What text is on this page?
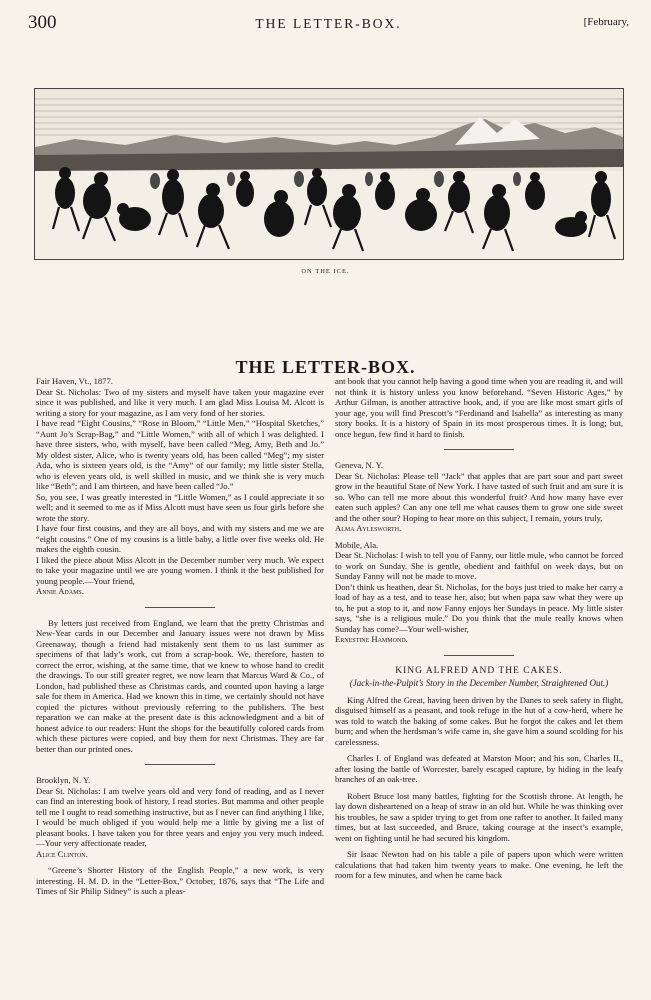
300	THE LETTER-BOX.	[February,
ON THE ICE.
THE LETTER-BOX.

Fair Haven, Vt., 1877.

Dear St. Nicholas: Two of my sisters and myself have taken your magazine ever since it was published, and like it very much. I am glad Miss Louisa M. Alcott is writing a story for your magazine, as I am very fond of her stories.

I have read “Eight Cousins,” “Rose in Bloom,” “Little Men,” “Hospital Sketches,” “Aunt Jo’s Scrap-Bag,” and “Little Women,” with all of which I was delighted. I have three sisters, who, with myself, have been called “Meg, Amy, Beth and Jo.” My oldest sister, Alice, who is twenty years old, has been called “Meg”; my sister Ada, who is sixteen years old, is the “Amy” of our family; my little sister Stella, who is eleven years old, is well skilled in music, and we think she is very much like “Beth”; and I am thirteen, and have been called “Jo.”

So, you see, I was greatly interested in “Little Women,” as I could appreciate it so well; and it seemed to me as if Miss Alcott must have seen us four girls before she wrote the story.

I have four first cousins, and they are all boys, and with my sisters and me we are “eight cousins.” One of my cousins is a little baby, a little over five weeks old. He makes the eighth cousin.

I liked the piece about Miss Alcott in the December number very much. We expect to take your magazine until we are young women. I think it the best published for young people.—Your friend,

Annie Adams.

By letters just received from England, we learn that the pretty Christmas and New-Year cards in our December and January issues were not drawn by Miss Greenaway, though a friend had mistakenly sent them to us last summer as specimens of that lady’s work, cut from a scrap-book. We, therefore, hasten to correct the error, wishing, at the same time, that we knew to whose hand to credit the drawings. To our still greater regret, we now learn that Marcus Ward & Co., of London, had published these as Christmas cards, and counted upon having a large sale for them in America. Had we known this in time, we certainly should not have copied the pictures without previously referring to the publishers. The best reparation we can make at the present date is this acknowledgment and a bit of honest advice to our readers: Hunt the shops for the beautifully colored cards from which these pictures were copied, and buy them for next Christmas. They are far better than our printed ones.

Brooklyn, N. Y.

Dear St. Nicholas: I am twelve years old and very fond of reading, and as I never can find an interesting book of history, I read stories. But mamma and other people tell me I ought to read something instructive, but as I never can find anything I like, I would be much obliged if you would help me a little by giving me a list of pleasant books. I have taken you for three years and enjoy you very much indeed.—Your very affectionate reader,

Alice Clinton.

“Greene’s Shorter History of the English People,” a new work, is very interesting. H. M. D. in the “Letter-Box,” October, 1876, says that “The Life and Times of Sir Philip Sidney” is such a pleas-

ant book that you cannot help having a good time when you are reading it, and will not think it is history unless you know beforehand. “Seven Historic Ages,” by Arthur Gilman, is another attractive book, and, if you are like most smart girls of your age, you will find Prescott’s “Ferdinand and Isabella” as interesting as many story books. It is a history of Spain in its most prosperous times. It is long; but, once begun, few find it hard to finish.

Geneva, N. Y.

Dear St. Nicholas: Please tell “Jack” that apples that are part sour and part sweet grow in the beautiful State of New York. I have tasted of such fruit and am sure it is so. Who can tell me more about this wonderful fruit? And how many have ever eaten such apples? Can any one tell me what causes them to grow one side sweet and the other sour? Hoping to hear more on this subject, I remain, yours truly,

Alma Aylesworth.

Mobile, Ala.

Dear St. Nicholas: I wish to tell you of Fanny, our little mule, who cannot be forced to work on Sunday. She is gentle, obedient and faithful on week days, but on Sunday Fanny will not be made to move.

Don’t think us heathen, dear St. Nicholas, for the boys just tried to make her carry a load of hay as a test, and to tease her, also; but when papa saw what they were up to, he put a stop to it, and now Fanny enjoys her Sundays in peace. My little sister says, “she is a religious mule.” Do you think that the mule really knows when Sunday has come?—Your well-wisher,

Ernestine Hammond.

KING ALFRED AND THE CAKES.

(Jack-in-the-Pulpit’s Story in the December Number, Straightened Out.)

King Alfred the Great, having been driven by the Danes to seek safety in flight, disguised himself as a peasant, and took refuge in the hut of a cow-herd, where he was told to watch the baking of some cakes. But he forgot the cakes and let them burn; and when the herdsman’s wife came in, she gave him a sound scolding for his carelessness.

Charles I. of England was defeated at Marston Moor; and his son, Charles II., after losing the battle of Worcester, barely escaped capture, by hiding in the leafy branches of an oak-tree.

Robert Bruce lost many battles, fighting for the Scottish throne. At length, he lay down disheartened on a heap of straw in an old hut. While he was thinking over his troubles, he saw a spider trying to get from one rafter to another. It failed many times, but at last succeeded, and Bruce, taking courage at the insect’s example, went on fighting until he had secured his kingdom.

Sir Isaac Newton had on his table a pile of papers upon which were written calculations that had taken him twenty years to make. One evening, he left the room for a few minutes, and when he came back
